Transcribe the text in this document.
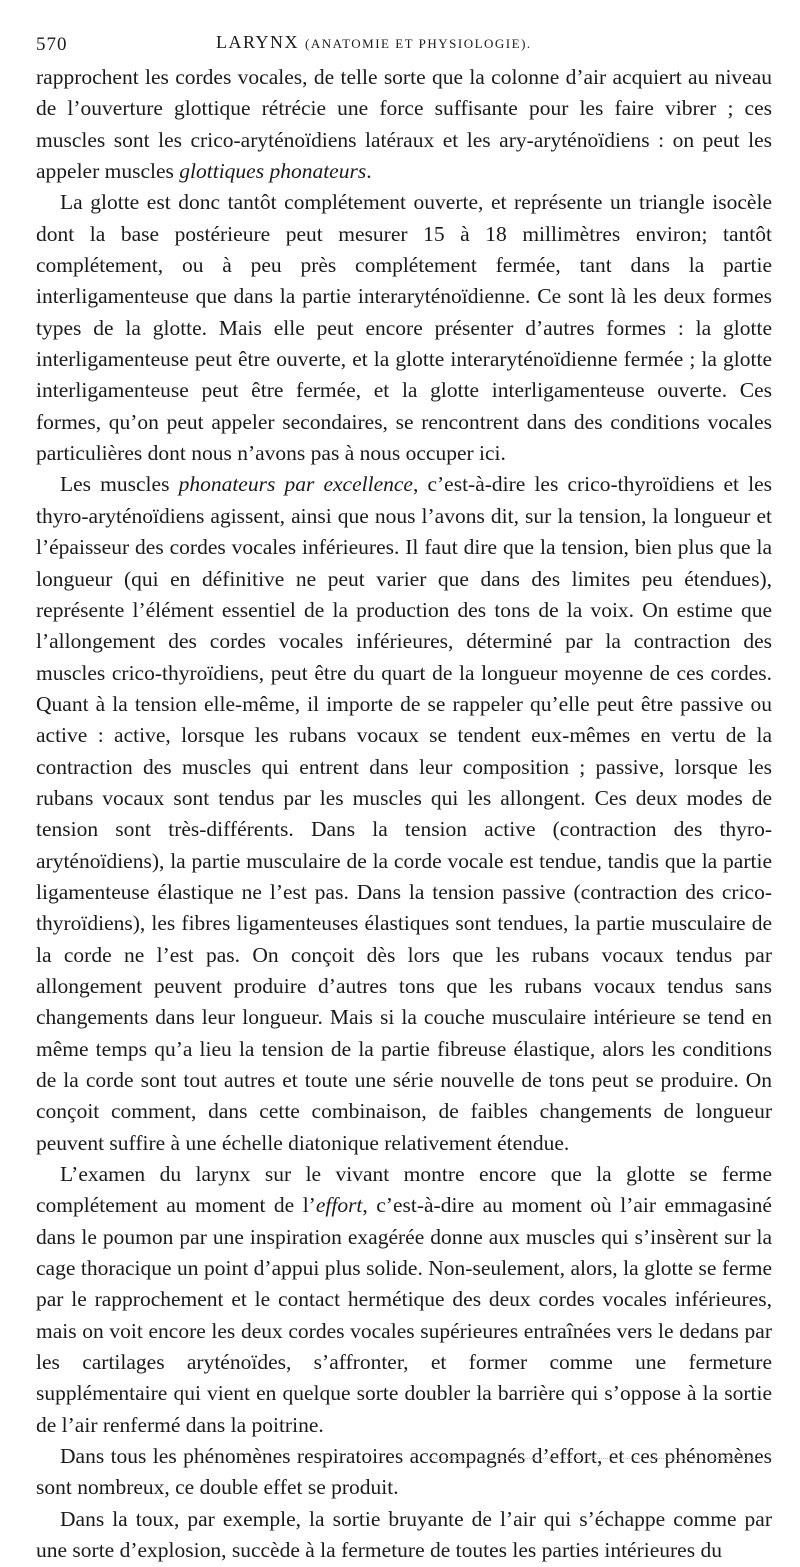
570	LARYNX (ANATOMIE ET PHYSIOLOGIE).

rapprochent les cordes vocales, de telle sorte que la colonne d’air acquiert au niveau de l’ouverture glottique rétrécie une force suffisante pour les faire vibrer ; ces muscles sont les crico-aryténoïdiens latéraux et les ary-aryténoïdiens : on peut les appeler muscles glottiques phonateurs.

La glotte est donc tantôt complétement ouverte, et représente un triangle isocèle dont la base postérieure peut mesurer 15 à 18 millimètres environ; tantôt complétement, ou à peu près complétement fermée, tant dans la partie interligamenteuse que dans la partie interaryténoïdienne. Ce sont là les deux formes types de la glotte. Mais elle peut encore présenter d’autres formes : la glotte interligamenteuse peut être ouverte, et la glotte interaryténoïdienne fermée ; la glotte interligamenteuse peut être fermée, et la glotte interligamenteuse ouverte. Ces formes, qu’on peut appeler secondaires, se rencontrent dans des conditions vocales particulières dont nous n’avons pas à nous occuper ici.

Les muscles phonateurs par excellence, c’est-à-dire les crico-thyroïdiens et les thyro-aryténoïdiens agissent, ainsi que nous l’avons dit, sur la tension, la longueur et l’épaisseur des cordes vocales inférieures. Il faut dire que la tension, bien plus que la longueur (qui en définitive ne peut varier que dans des limites peu étendues), représente l’élément essentiel de la production des tons de la voix. On estime que l’allongement des cordes vocales inférieures, déterminé par la contraction des muscles crico-thyroïdiens, peut être du quart de la longueur moyenne de ces cordes. Quant à la tension elle-même, il importe de se rappeler qu’elle peut être passive ou active : active, lorsque les rubans vocaux se tendent eux-mêmes en vertu de la contraction des muscles qui entrent dans leur composition ; passive, lorsque les rubans vocaux sont tendus par les muscles qui les allongent. Ces deux modes de tension sont très-différents. Dans la tension active (contraction des thyro-aryténoïdiens), la partie musculaire de la corde vocale est tendue, tandis que la partie ligamenteuse élastique ne l’est pas. Dans la tension passive (contraction des crico-thyroïdiens), les fibres ligamenteuses élastiques sont tendues, la partie musculaire de la corde ne l’est pas. On conçoit dès lors que les rubans vocaux tendus par allongement peuvent produire d’autres tons que les rubans vocaux tendus sans changements dans leur longueur. Mais si la couche musculaire intérieure se tend en même temps qu’a lieu la tension de la partie fibreuse élastique, alors les conditions de la corde sont tout autres et toute une série nouvelle de tons peut se produire. On conçoit comment, dans cette combinaison, de faibles changements de longueur peuvent suffire à une échelle diatonique relativement étendue.

L’examen du larynx sur le vivant montre encore que la glotte se ferme complétement au moment de l’effort, c’est-à-dire au moment où l’air emmagasiné dans le poumon par une inspiration exagérée donne aux muscles qui s’insèrent sur la cage thoracique un point d’appui plus solide. Non-seulement, alors, la glotte se ferme par le rapprochement et le contact hermétique des deux cordes vocales inférieures, mais on voit encore les deux cordes vocales supérieures entraînées vers le dedans par les cartilages aryténoïdes, s’affronter, et former comme une fermeture supplémentaire qui vient en quelque sorte doubler la barrière qui s’oppose à la sortie de l’air renfermé dans la poitrine.

Dans tous les phénomènes respiratoires accompagnés d’effort, et ces phénomènes sont nombreux, ce double effet se produit.

Dans la toux, par exemple, la sortie bruyante de l’air qui s’échappe comme par une sorte d’explosion, succède à la fermeture de toutes les parties intérieures du
